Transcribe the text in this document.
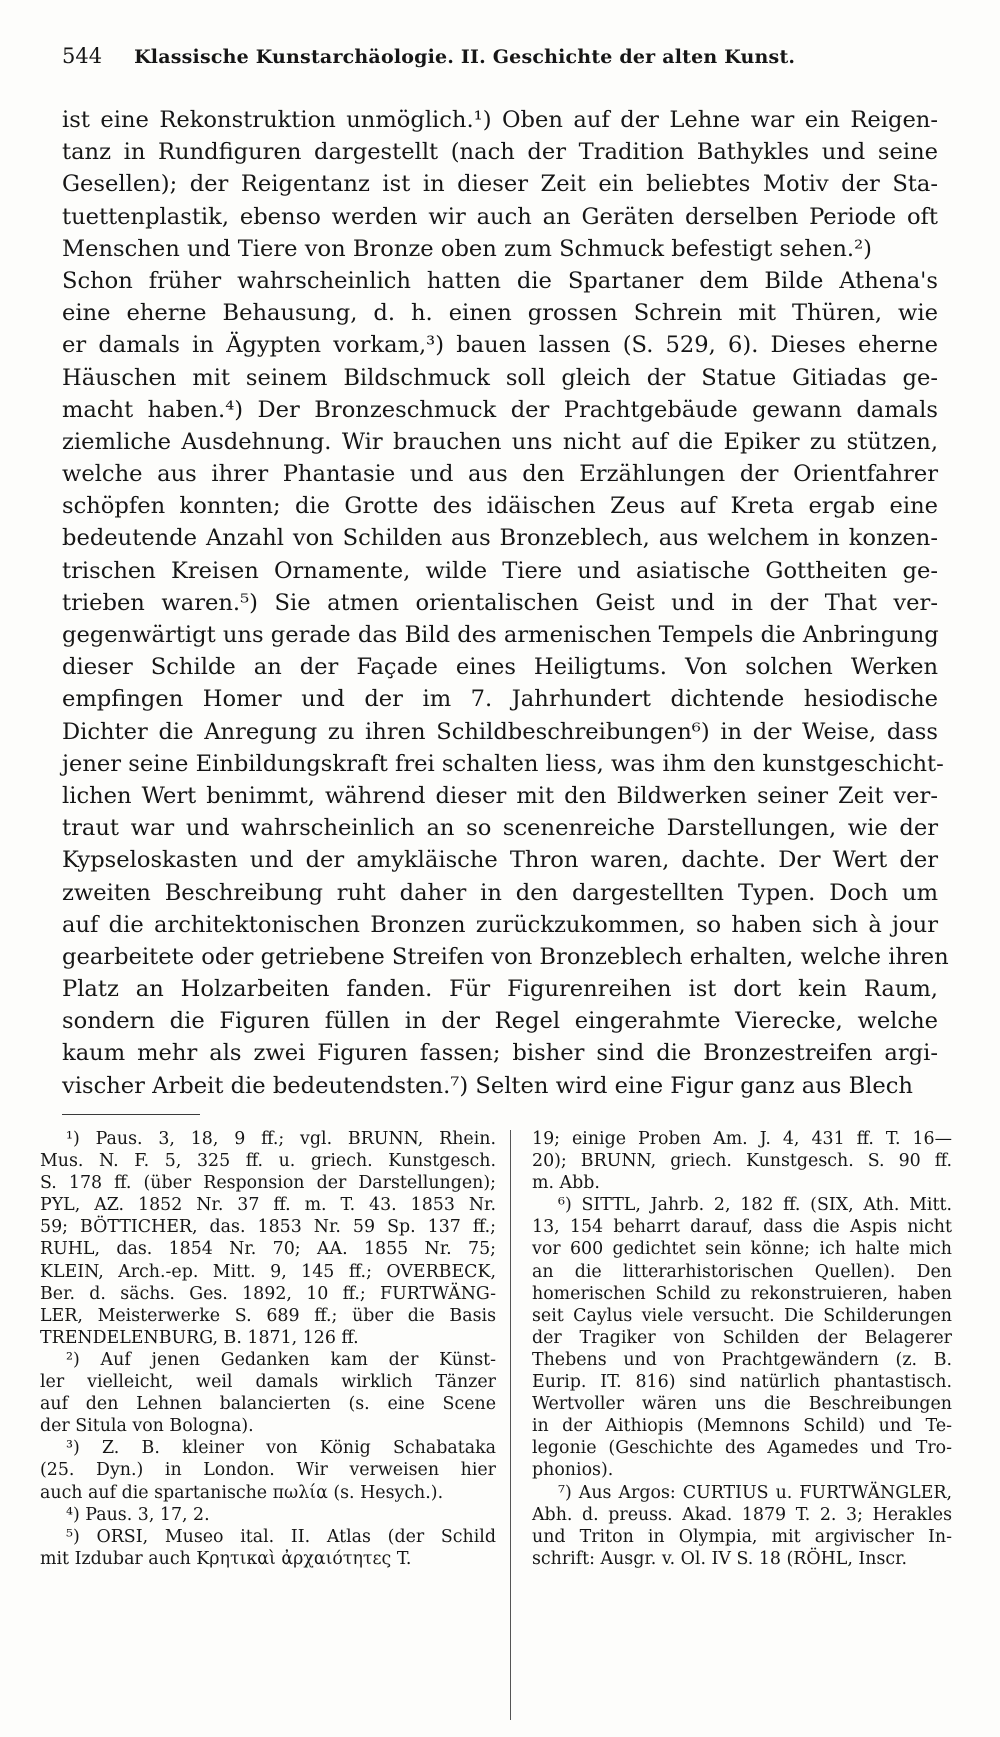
544 Klassische Kunstarchäologie. II. Geschichte der alten Kunst.
ist eine Rekonstruktion unmöglich.¹) Oben auf der Lehne war ein Reigen-
tanz in Rundfiguren dargestellt (nach der Tradition Bathykles und seine
Gesellen); der Reigentanz ist in dieser Zeit ein beliebtes Motiv der Sta-
tuettenplastik, ebenso werden wir auch an Geräten derselben Periode oft
Menschen und Tiere von Bronze oben zum Schmuck befestigt sehen.²)
Schon früher wahrscheinlich hatten die Spartaner dem Bilde Athena's
eine eherne Behausung, d. h. einen grossen Schrein mit Thüren, wie
er damals in Ägypten vorkam,³) bauen lassen (S. 529, 6). Dieses eherne
Häuschen mit seinem Bildschmuck soll gleich der Statue Gitiadas ge-
macht haben.⁴) Der Bronzeschmuck der Prachtgebäude gewann damals
ziemliche Ausdehnung. Wir brauchen uns nicht auf die Epiker zu stützen,
welche aus ihrer Phantasie und aus den Erzählungen der Orientfahrer
schöpfen konnten; die Grotte des idäischen Zeus auf Kreta ergab eine
bedeutende Anzahl von Schilden aus Bronzeblech, aus welchem in konzen-
trischen Kreisen Ornamente, wilde Tiere und asiatische Gottheiten ge-
trieben waren.⁵) Sie atmen orientalischen Geist und in der That ver-
gegenwärtigt uns gerade das Bild des armenischen Tempels die Anbringung
dieser Schilde an der Façade eines Heiligtums. Von solchen Werken
empfingen Homer und der im 7. Jahrhundert dichtende hesiodische
Dichter die Anregung zu ihren Schildbeschreibungen⁶) in der Weise, dass
jener seine Einbildungskraft frei schalten liess, was ihm den kunstgeschicht-
lichen Wert benimmt, während dieser mit den Bildwerken seiner Zeit ver-
traut war und wahrscheinlich an so scenenreiche Darstellungen, wie der
Kypseloskasten und der amykläische Thron waren, dachte. Der Wert der
zweiten Beschreibung ruht daher in den dargestellten Typen. Doch um
auf die architektonischen Bronzen zurückzukommen, so haben sich à jour
gearbeitete oder getriebene Streifen von Bronzeblech erhalten, welche ihren
Platz an Holzarbeiten fanden. Für Figurenreihen ist dort kein Raum,
sondern die Figuren füllen in der Regel eingerahmte Vierecke, welche
kaum mehr als zwei Figuren fassen; bisher sind die Bronzestreifen argi-
vischer Arbeit die bedeutendsten.⁷) Selten wird eine Figur ganz aus Blech
¹) Paus. 3, 18, 9 ff.; vgl. BRUNN, Rhein.
Mus. N. F. 5, 325 ff. u. griech. Kunstgesch.
S. 178 ff. (über Responsion der Darstellungen);
PYL, AZ. 1852 Nr. 37 ff. m. T. 43. 1853 Nr.
59; BÖTTICHER, das. 1853 Nr. 59 Sp. 137 ff.;
RUHL, das. 1854 Nr. 70; AA. 1855 Nr. 75;
KLEIN, Arch.-ep. Mitt. 9, 145 ff.; OVERBECK,
Ber. d. sächs. Ges. 1892, 10 ff.; FURTWÄNG-
LER, Meisterwerke S. 689 ff.; über die Basis
TRENDELENBURG, B. 1871, 126 ff.
²) Auf jenen Gedanken kam der Künst-
ler vielleicht, weil damals wirklich Tänzer
auf den Lehnen balancierten (s. eine Scene
der Situla von Bologna).
³) Z. B. kleiner von König Schabataka
(25. Dyn.) in London. Wir verweisen hier
auch auf die spartanische πωλία (s. Hesych.).
⁴) Paus. 3, 17, 2.
⁵) ORSI, Museo ital. II. Atlas (der Schild
mit Izdubar auch Κρητικαὶ ἀρχαιότητες T.
19; einige Proben Am. J. 4, 431 ff. T. 16—
20); BRUNN, griech. Kunstgesch. S. 90 ff.
m. Abb.
⁶) SITTL, Jahrb. 2, 182 ff. (SIX, Ath. Mitt.
13, 154 beharrt darauf, dass die Aspis nicht
vor 600 gedichtet sein könne; ich halte mich
an die litterarhistorischen Quellen). Den
homerischen Schild zu rekonstruieren, haben
seit Caylus viele versucht. Die Schilderungen
der Tragiker von Schilden der Belagerer
Thebens und von Prachtgewändern (z. B.
Eurip. IT. 816) sind natürlich phantastisch.
Wertvoller wären uns die Beschreibungen
in der Aithiopis (Memnons Schild) und Te-
legonie (Geschichte des Agamedes und Tro-
phonios).
⁷) Aus Argos: CURTIUS u. FURTWÄNGLER,
Abh. d. preuss. Akad. 1879 T. 2. 3; Herakles
und Triton in Olympia, mit argivischer In-
schrift: Ausgr. v. Ol. IV S. 18 (RÖHL, Inscr.
